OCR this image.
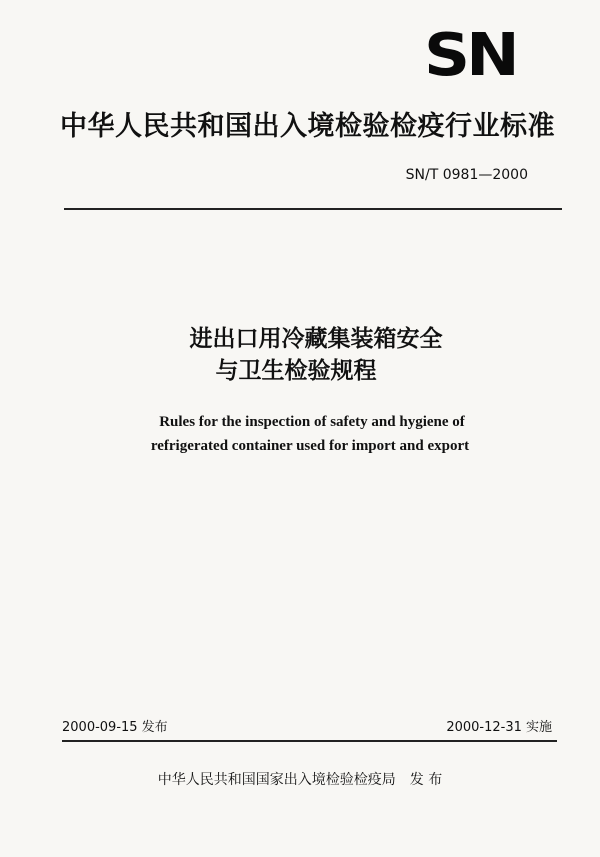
SN
中华人民共和国出入境检验检疫行业标准
SN/T 0981—2000
进出口用冷藏集装箱安全
与卫生检验规程
Rules for the inspection of safety and hygiene of
refrigerated container used for import and export
2000-09-15 发布	2000-12-31 实施
中华人民共和国国家出入境检验检疫局 发 布
